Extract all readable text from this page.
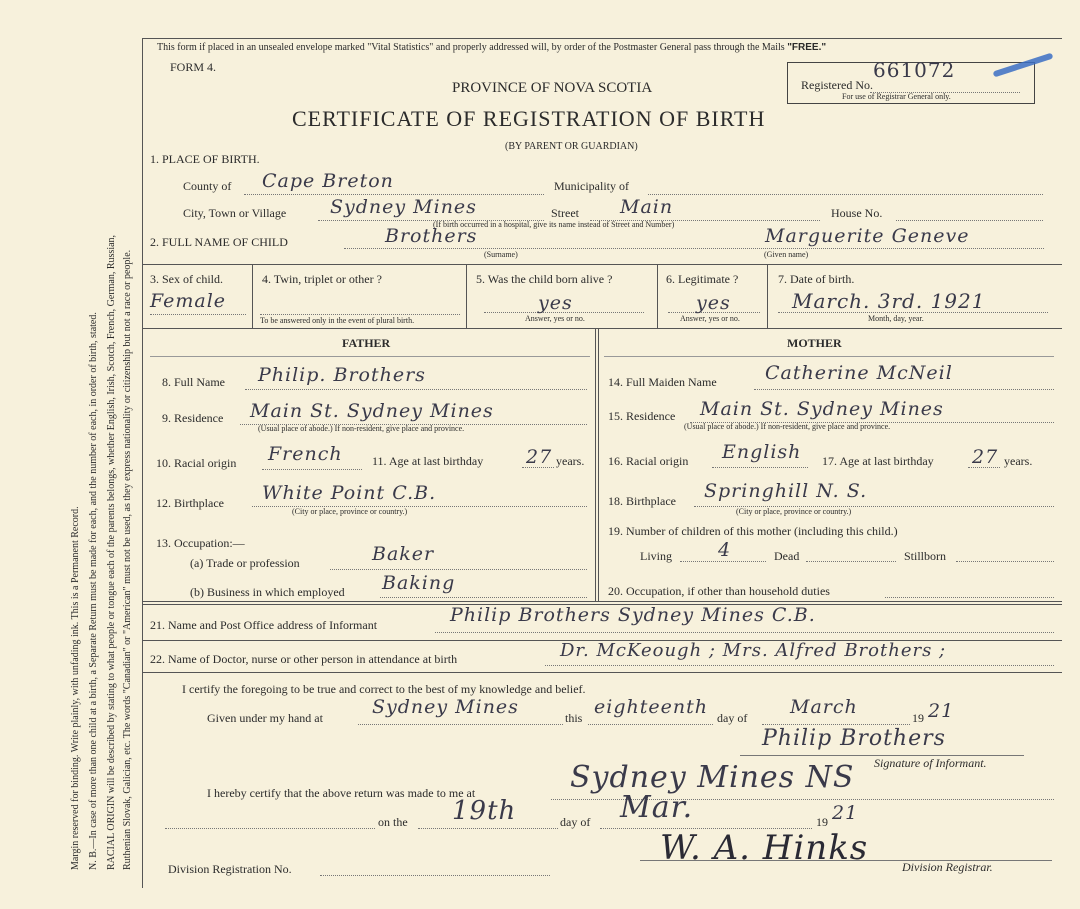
Margin reserved for binding. Write plainly, with unfading ink. This is a Permanent Record. N. B.—In case of more than one child at a birth, a Separate Return must be made for each, and the number of each, in order of birth, stated. RACIAL ORIGIN will be described by stating to what people or tongue each of the parents belongs, whether English, Irish, Scotch, French, German, Russian, Ruthenian Slovak, Galician, etc. The words "Canadian" or "American" must not be used, as they express nationality or citizenship but not a race or people.
This form if placed in an unsealed envelope marked "Vital Statistics" and properly addressed will, by order of the Postmaster General pass through the Mails "FREE."
FORM 4.
PROVINCE OF NOVA SCOTIA
CERTIFICATE OF REGISTRATION OF BIRTH
(BY PARENT OR GUARDIAN)
Registered No.
661072
For use of Registrar General only.
1. PLACE OF BIRTH.
County of Cape Breton	Municipality of
City, Town or Village Sydney Mines	Street Main	House No.
(If birth occurred in a hospital, give its name instead of Street and Number)
2. FULL NAME OF CHILD	Brothers	Marguerite Geneve
(Surname)	(Given name)
3. Sex of child.
Female
4. Twin, triplet or other ?
To be answered only in the event of plural birth.
5. Was the child born alive ?
yes
Answer, yes or no.
6. Legitimate ?
yes
Answer, yes or no.
7. Date of birth.
March. 3rd. 1921
Month, day, year.
FATHER	MOTHER
8. Full Name Philip. Brothers
9. Residence Main St. Sydney Mines
(Usual place of abode.) If non-resident, give place and province.
10. Racial origin French 11. Age at last birthday 27 years.
12. Birthplace White Point C.B.
(City or place, province or country.)
13. Occupation:—
(a) Trade or profession	Baker
(b) Business in which employed Baking
14. Full Maiden Name	Catherine McNeil
15. Residence Main St. Sydney Mines
(Usual place of abode.) If non-resident, give place and province.
16. Racial origin English 17. Age at last birthday 27 years.
18. Birthplace Springhill N. S.
(City or place, province or country.)
19. Number of children of this mother (including this child.)
Living 4	Dead	Stillborn
20. Occupation, if other than household duties
21. Name and Post Office address of Informant	Philip Brothers Sydney Mines C.B.
22. Name of Doctor, nurse or other person in attendance at birth	Dr. McKeough ; Mrs. Alfred Brothers ;
I certify the foregoing to be true and correct to the best of my knowledge and belief.
Given under my hand at	Sydney Mines	this eighteenth day of March	19 21
Philip Brothers
Signature of Informant.
I hereby certify that the above return was made to me at	Sydney Mines NS
on the 19th	day of Mar.	19 21
Division Registration No.
W. A. Hinks	Division Registrar.
